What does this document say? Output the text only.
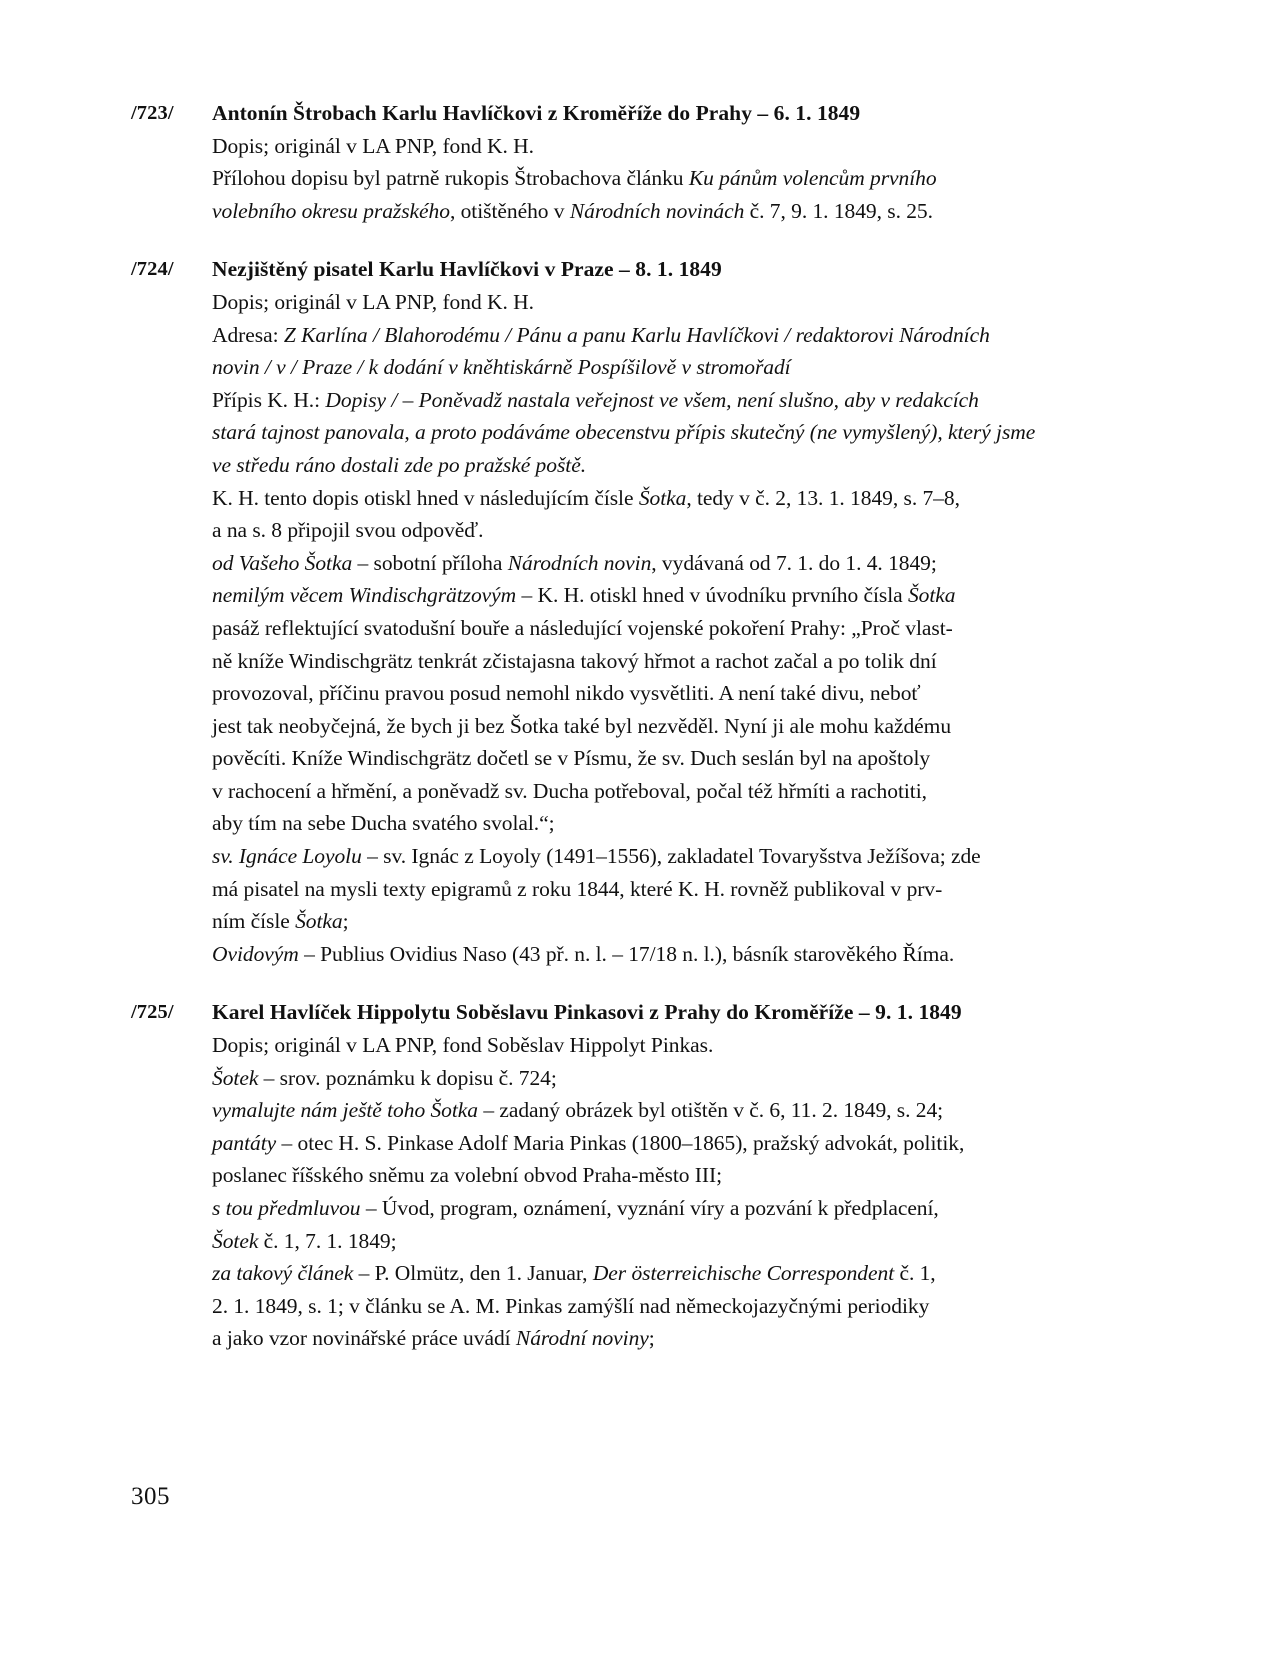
/723/	Antonín Štrobach Karlu Havlíčkovi z Kroměříže do Prahy – 6. 1. 1849
Dopis; originál v LA PNP, fond K. H.
Přílohou dopisu byl patrně rukopis Štrobachova článku Ku pánům volencům prvního
volebního okresu pražského, otištěného v Národních novinách č. 7, 9. 1. 1849, s. 25.
/724/	Nezjištěný pisatel Karlu Havlíčkovi v Praze – 8. 1. 1849
Dopis; originál v LA PNP, fond K. H.
Adresa: Z Karlína / Blahorodému / Pánu a panu Karlu Havlíčkovi / redaktorovi Národních
novin / v / Praze / k dodání v kněhtiskárně Pospíšilově v stromořadí
Přípis K. H.: Dopisy / – Poněvadž nastala veřejnost ve všem, není slušno, aby v redakcích
stará tajnost panovala, a proto podáváme obecenstvu přípis skutečný (ne vymyšlený), který jsme
ve středu ráno dostali zde po pražské poště.
K. H. tento dopis otiskl hned v následujícím čísle Šotka, tedy v č. 2, 13. 1. 1849, s. 7–8,
a na s. 8 připojil svou odpověď.
od Vašeho Šotka – sobotní příloha Národních novin, vydávaná od 7. 1. do 1. 4. 1849;
nemilým věcem Windischgrätzovým – K. H. otiskl hned v úvodníku prvního čísla Šotka
pasáž reflektující svatodušní bouře a následující vojenské pokoření Prahy: „Proč vlast-
ně kníže Windischgrätz tenkrát zčistajasna takový hřmot a rachot začal a po tolik dní
provozoval, příčinu pravou posud nemohl nikdo vysvětliti. A není také divu, neboť
jest tak neobyčejná, že bych ji bez Šotka také byl nezvěděl. Nyní ji ale mohu každému
pověcíti. Kníže Windischgrätz dočetl se v Písmu, že sv. Duch seslán byl na apoštoly
v rachocení a hřmění, a poněvadž sv. Ducha potřeboval, počal též hřmíti a rachotiti,
aby tím na sebe Ducha svatého svolal.“;
sv. Ignáce Loyolu – sv. Ignác z Loyoly (1491–1556), zakladatel Tovaryšstva Ježíšova; zde
má pisatel na mysli texty epigramů z roku 1844, které K. H. rovněž publikoval v prv-
ním čísle Šotka;
Ovidovým – Publius Ovidius Naso (43 př. n. l. – 17/18 n. l.), básník starověkého Říma.
/725/	Karel Havlíček Hippolytu Soběslavu Pinkasovi z Prahy do Kroměříže – 9. 1. 1849
Dopis; originál v LA PNP, fond Soběslav Hippolyt Pinkas.
Šotek – srov. poznámku k dopisu č. 724;
vymalujte nám ještě toho Šotka – zadaný obrázek byl otištěn v č. 6, 11. 2. 1849, s. 24;
pantáty – otec H. S. Pinkase Adolf Maria Pinkas (1800–1865), pražský advokát, politik,
poslanec říšského sněmu za volební obvod Praha-město III;
s tou předmluvou – Úvod, program, oznámení, vyznání víry a pozvání k předplacení,
Šotek č. 1, 7. 1. 1849;
za takový článek – P. Olmütz, den 1. Januar, Der österreichische Correspondent č. 1,
2. 1. 1849, s. 1; v článku se A. M. Pinkas zamýšlí nad německojazyčnými periodiky
a jako vzor novinářské práce uvádí Národní noviny;
305
